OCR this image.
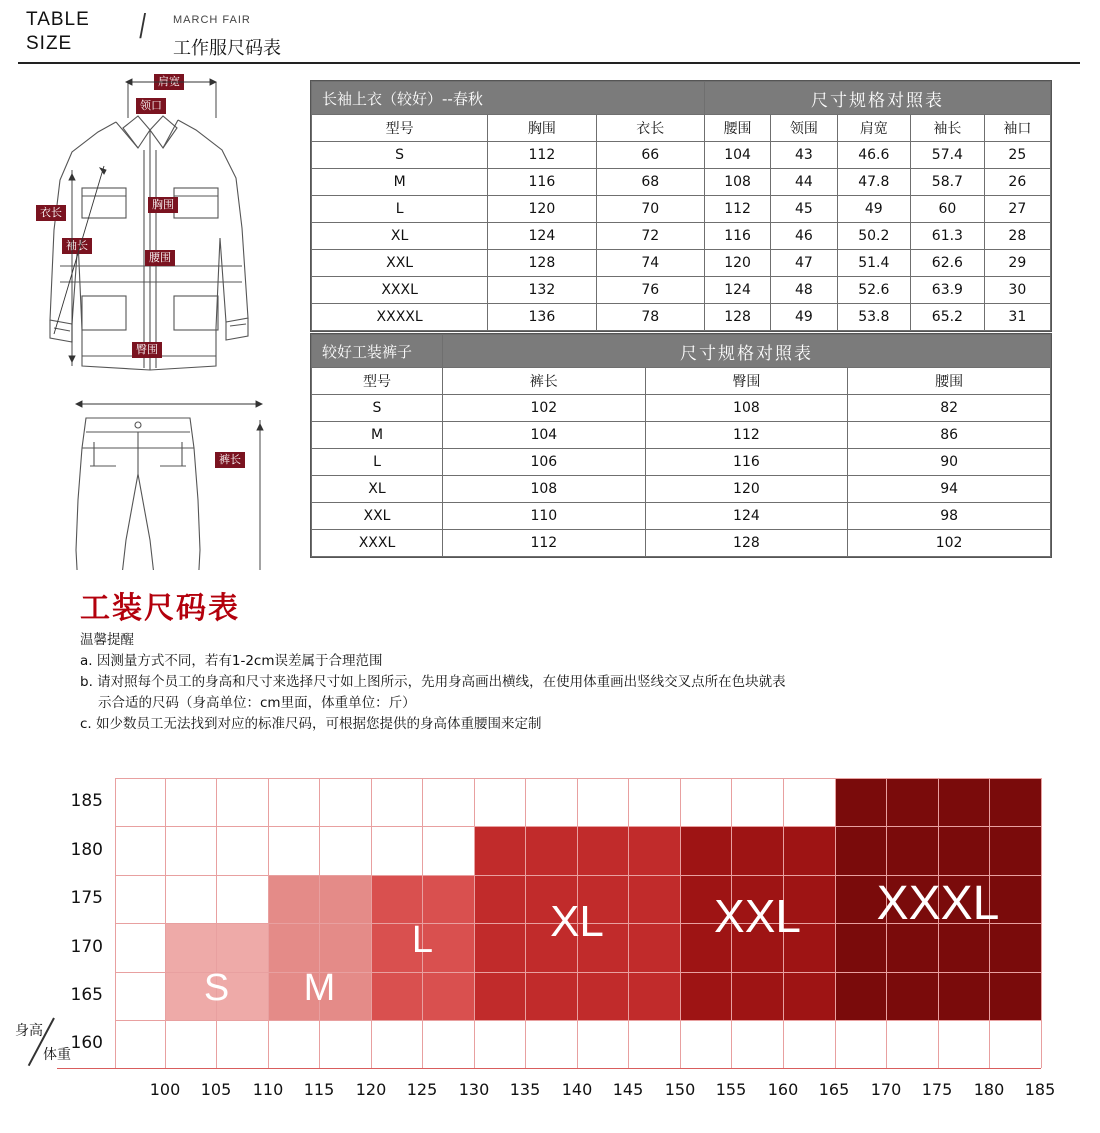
TABLE
SIZE	/ MARCH FAIR
工作服尺码表
肩宽
领口
胸围
衣长
袖长
腰围
臀围
裤长
长袖上衣（较好）--春秋			尺寸规格对照表				
型号	胸围	衣长	腰围	领围	肩宽	袖长	袖口
S	112	66	104	43	46.6	57.4	25
M	116	68	108	44	47.8	58.7	26
L	120	70	112	45	49	60	27
XL	124	72	116	46	50.2	61.3	28
XXL	128	74	120	47	51.4	62.6	29
XXXL	132	76	124	48	52.6	63.9	30
XXXXL	136	78	128	49	53.8	65.2	31
较好工装裤子	尺寸规格对照表		
型号	裤长	臀围	腰围
S	102	108	82
M	104	112	86
L	106	116	90
XL	108	120	94
XXL	110	124	98
XXXL	112	128	102
工装尺码表
温馨提醒
a. 因测量方式不同，若有1-2cm误差属于合理范围
b. 请对照每个员工的身高和尺寸来选择尺寸如上图所示，先用身高画出横线，在使用体重画出竖线交叉点所在色块就表
示合适的尺码（身高单位：cm里面，体重单位：斤）
c. 如少数员工无法找到对应的标准尺码，可根据您提供的身高体重腰围来定制
S	M
L	XL	XXL	XXXL
185
180
175
170
165
160
100	105	110	115	120	125	130	135	140	145	150	155	160	165	170	175	180	185
身高
体重
